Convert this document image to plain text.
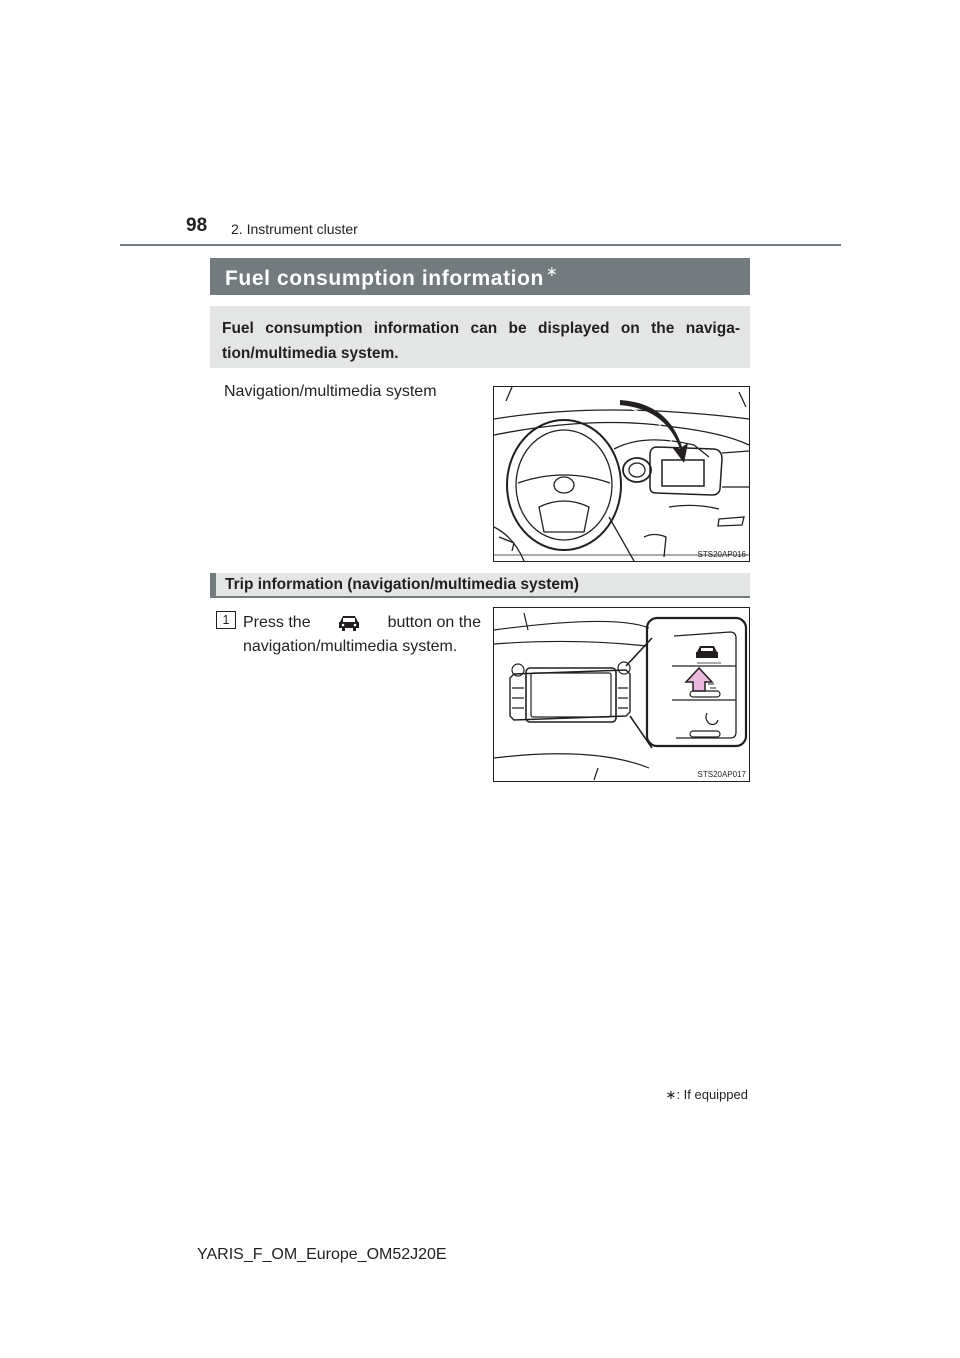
98 2. Instrument cluster
Fuel consumption information ∗
Fuel consumption information can be displayed on the naviga-tion/multimedia system.
Navigation/multimedia system
STS20AP016
Trip information (navigation/multimedia system)
1 Press the	button on the
navigation/multimedia system.
STS20AP017
∗: If equipped
YARIS_F_OM_Europe_OM52J20E
